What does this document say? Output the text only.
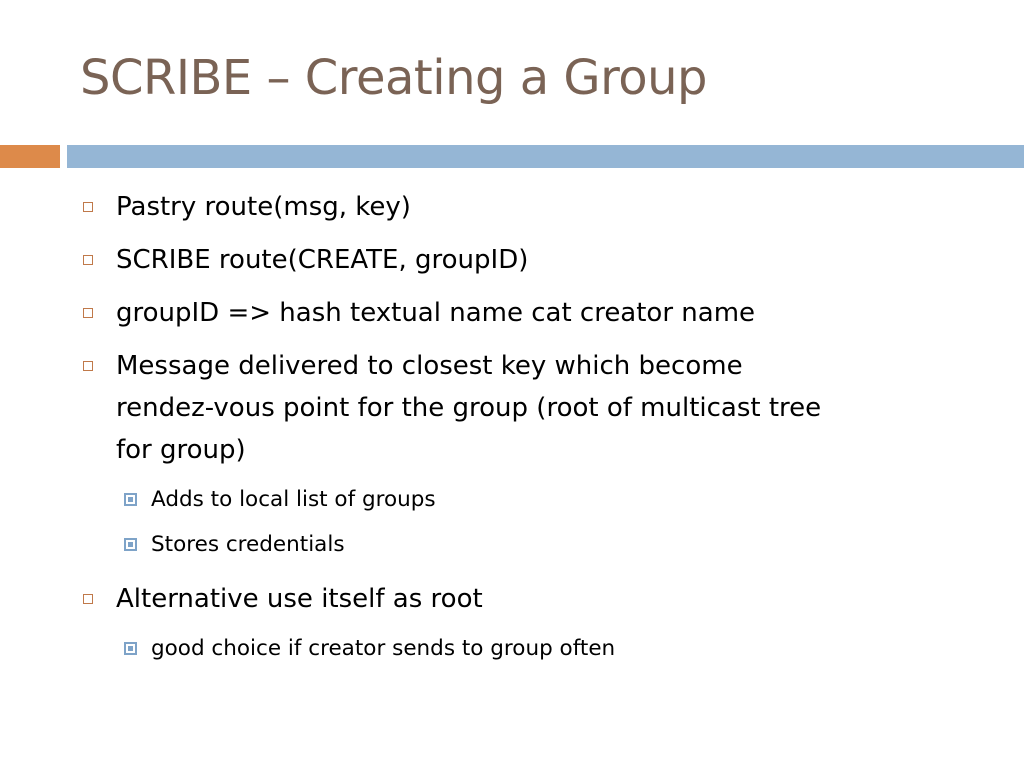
SCRIBE – Creating a Group
Pastry route(msg, key)
SCRIBE route(CREATE, groupID)
groupID => hash textual name cat creator name
Message delivered to closest key which become
rendez-vous point for the group (root of multicast tree
for group)
Adds to local list of groups
Stores credentials
Alternative use itself as root
good choice if creator sends to group often
